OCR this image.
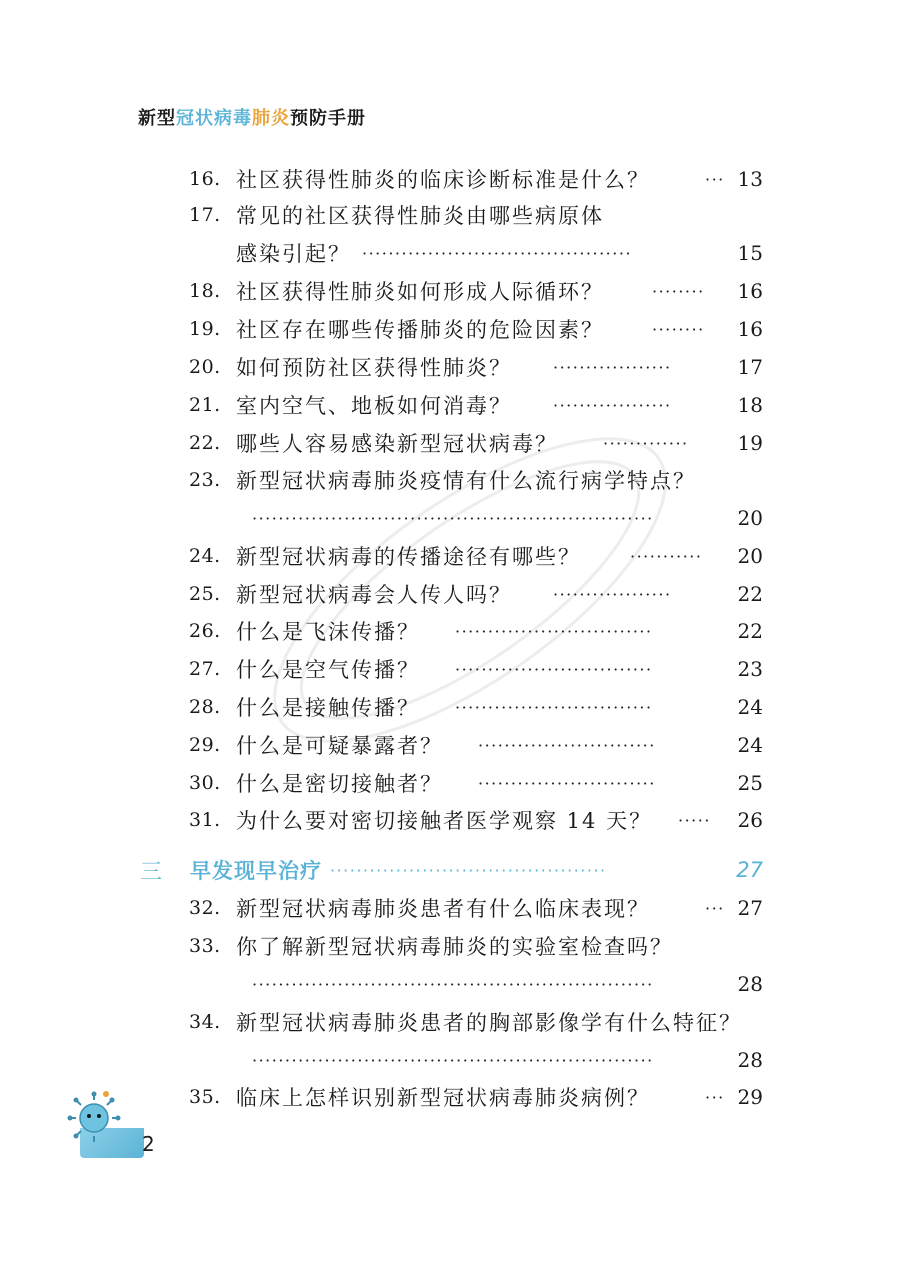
新型冠状病毒肺炎预防手册
16. 社区获得性肺炎的临床诊断标准是什么？	··· 13
17. 常见的社区获得性肺炎由哪些病原体
感染引起？ ·········································	15
18. 社区获得性肺炎如何形成人际循环？	········	16
19. 社区存在哪些传播肺炎的危险因素？	········	16
20. 如何预防社区获得性肺炎？	··················	17
21. 室内空气、地板如何消毒？	··················	18
22. 哪些人容易感染新型冠状病毒？	·············	19
23. 新型冠状病毒肺炎疫情有什么流行病学特点？
·····························································	20
24. 新型冠状病毒的传播途径有哪些？	···········	20
25. 新型冠状病毒会人传人吗？	··················	22
26. 什么是飞沫传播？ ······························	22
27. 什么是空气传播？ ······························	23
28. 什么是接触传播？ ······························	24
29. 什么是可疑暴露者？ ···························	24
30. 什么是密切接触者？ ···························	25
31. 为什么要对密切接触者医学观察 14 天？ ·····	26
三 早发现早治疗 ··········································	27
32. 新型冠状病毒肺炎患者有什么临床表现？	··· 27
33. 你了解新型冠状病毒肺炎的实验室检查吗？
·····························································	28
34. 新型冠状病毒肺炎患者的胸部影像学有什么特征？
·····························································	28
35. 临床上怎样识别新型冠状病毒肺炎病例？	··· 29
2
